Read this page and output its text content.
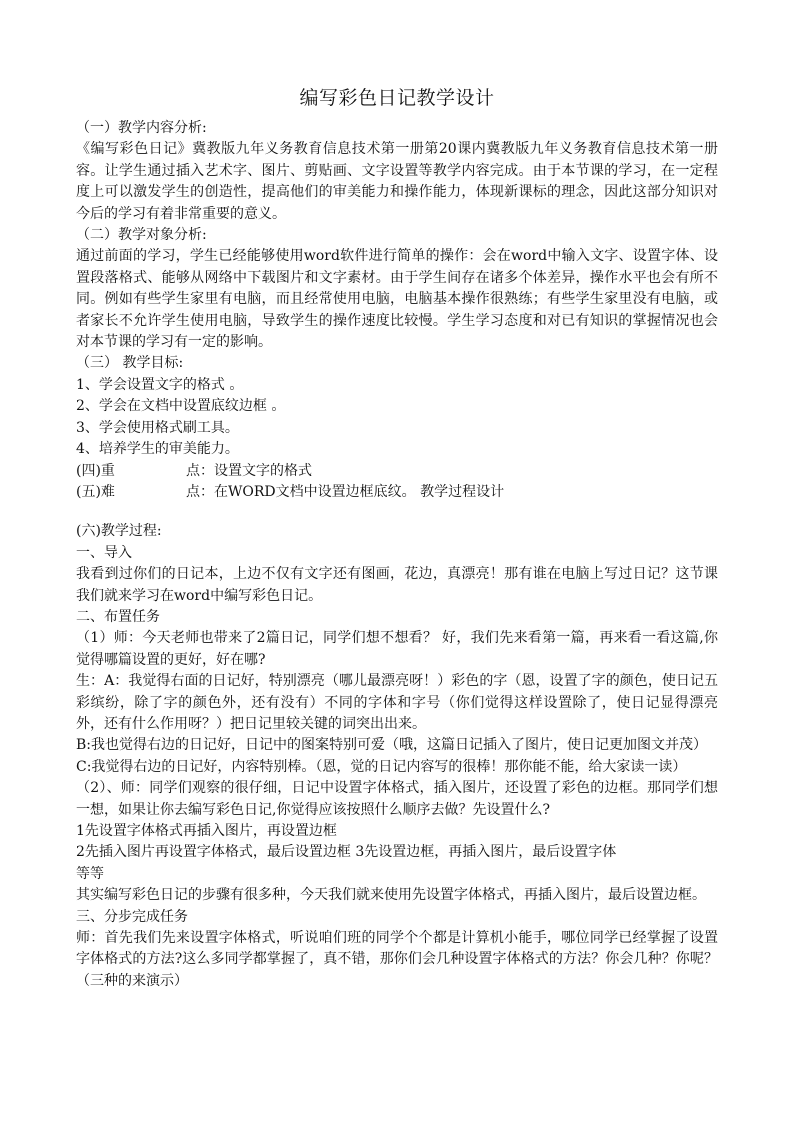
编写彩色日记教学设计

（一）教学内容分析:

《编写彩色日记》冀教版九年义务教育信息技术第一册第20课内冀教版九年义务教育信息技术第一册容。让学生通过插入艺术字、图片、剪贴画、文字设置等教学内容完成。由于本节课的学习，在一定程度上可以激发学生的创造性，提高他们的审美能力和操作能力，体现新课标的理念，因此这部分知识对今后的学习有着非常重要的意义。

（二）教学对象分析:

通过前面的学习，学生已经能够使用word软件进行简单的操作：会在word中输入文字、设置字体、设置段落格式、能够从网络中下载图片和文字素材。由于学生间存在诸多个体差异，操作水平也会有所不同。例如有些学生家里有电脑，而且经常使用电脑，电脑基本操作很熟练；有些学生家里没有电脑，或者家长不允许学生使用电脑，导致学生的操作速度比较慢。学生学习态度和对已有知识的掌握情况也会对本节课的学习有一定的影响。

（三） 教学目标:

1、学会设置文字的格式 。

2、学会在文档中设置底纹边框 。

3、学会使用格式刷工具。

4、培养学生的审美能力。

(四)重	点：设置文字的格式
(五)难	点：在WORD文档中设置边框底纹。 教学过程设计

(六)教学过程:

一、导入

我看到过你们的日记本，上边不仅有文字还有图画，花边，真漂亮！那有谁在电脑上写过日记？这节课我们就来学习在word中编写彩色日记。

二、布置任务

（1）师：今天老师也带来了2篇日记，同学们想不想看？ 好，我们先来看第一篇，再来看一看这篇,你觉得哪篇设置的更好，好在哪?

生：A：我觉得右面的日记好，特别漂亮（哪儿最漂亮呀！）彩色的字（恩，设置了字的颜色，使日记五彩缤纷，除了字的颜色外，还有没有）不同的字体和字号（你们觉得这样设置除了，使日记显得漂亮外，还有什么作用呀？）把日记里较关键的词突出出来。

B:我也觉得右边的日记好，日记中的图案特别可爱（哦，这篇日记插入了图片，使日记更加图文并茂）

C:我觉得右边的日记好，内容特别棒。（恩，觉的日记内容写的很棒！那你能不能，给大家读一读）

（2）、师：同学们观察的很仔细，日记中设置字体格式，插入图片，还设置了彩色的边框。那同学们想一想，如果让你去编写彩色日记,你觉得应该按照什么顺序去做？先设置什么?

1先设置字体格式再插入图片，再设置边框

2先插入图片再设置字体格式，最后设置边框 3先设置边框，再插入图片，最后设置字体

等等

其实编写彩色日记的步骤有很多种，今天我们就来使用先设置字体格式，再插入图片，最后设置边框。

三、分步完成任务

师：首先我们先来设置字体格式，听说咱们班的同学个个都是计算机小能手，哪位同学已经掌握了设置字体格式的方法?这么多同学都掌握了，真不错，那你们会几种设置字体格式的方法？你会几种？你呢？（三种的来演示）
